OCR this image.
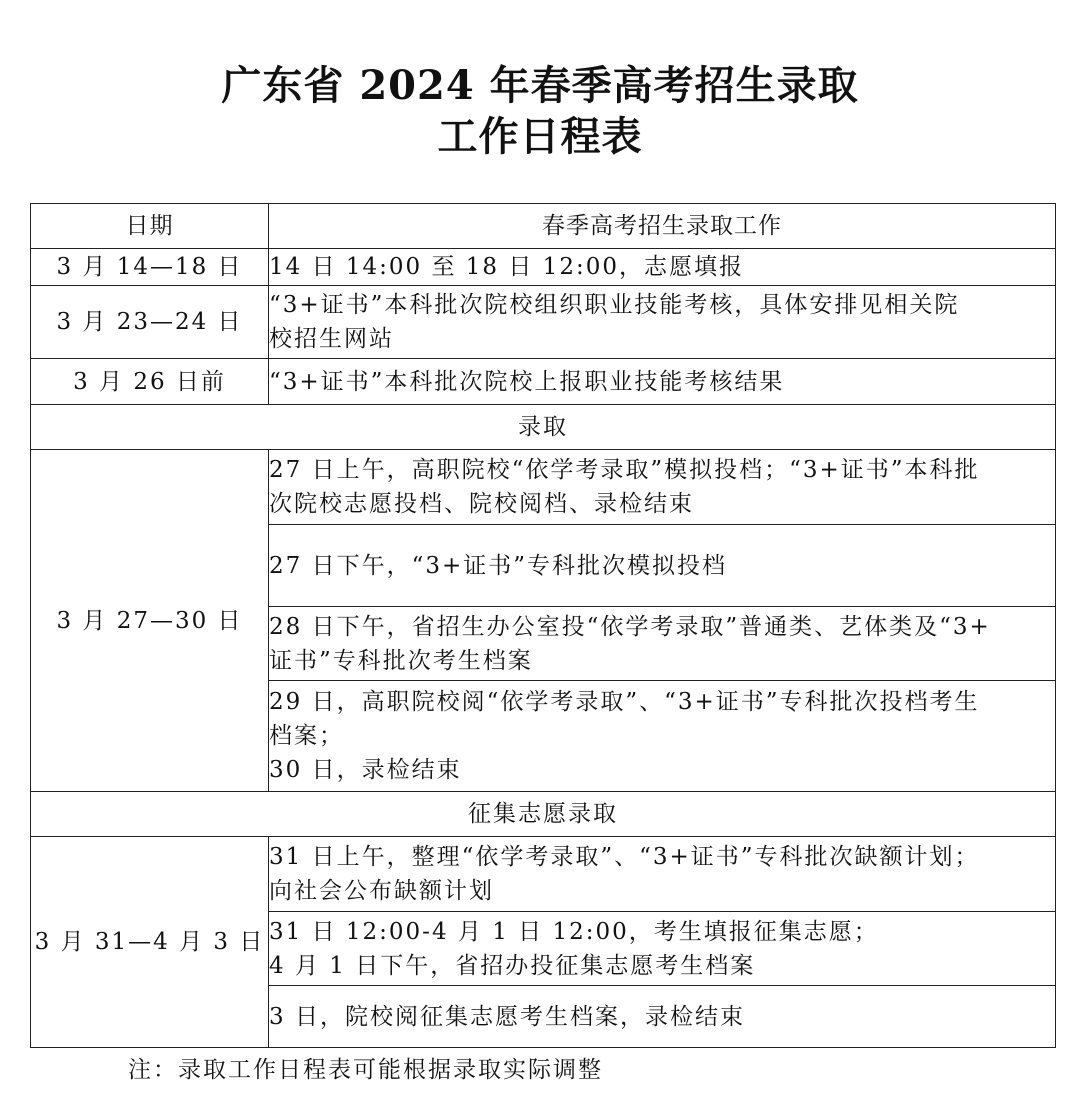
广东省 2024 年春季高考招生录取
工作日程表
日期	春季高考招生录取工作
3 月 14—18 日	14 日 14:00 至 18 日 12:00，志愿填报

3 月 23—24 日	“3+证书”本科批次院校组织职业技能考核，具体安排见相关院
校招生网站

3 月 26 日前	“3+证书”本科批次院校上报职业技能考核结果

录取	
3 月 27—30 日	27 日上午，高职院校“依学考录取”模拟投档；“3+证书”本科批
次院校志愿投档、院校阅档、录检结束

	27 日下午，“3+证书”专科批次模拟投档

	28 日下午，省招生办公室投“依学考录取”普通类、艺体类及“3+
证书”专科批次考生档案

	29 日，高职院校阅“依学考录取”、“3+证书”专科批次投档考生
档案；
30 日，录检结束

征集志愿录取	
3 月 31—4 月 3 日	31 日上午，整理“依学考录取”、“3+证书”专科批次缺额计划；
向社会公布缺额计划

	31 日 12:00-4 月 1 日 12:00，考生填报征集志愿；
4 月 1 日下午，省招办投征集志愿考生档案

	3 日，院校阅征集志愿考生档案，录检结束
注：录取工作日程表可能根据录取实际调整
